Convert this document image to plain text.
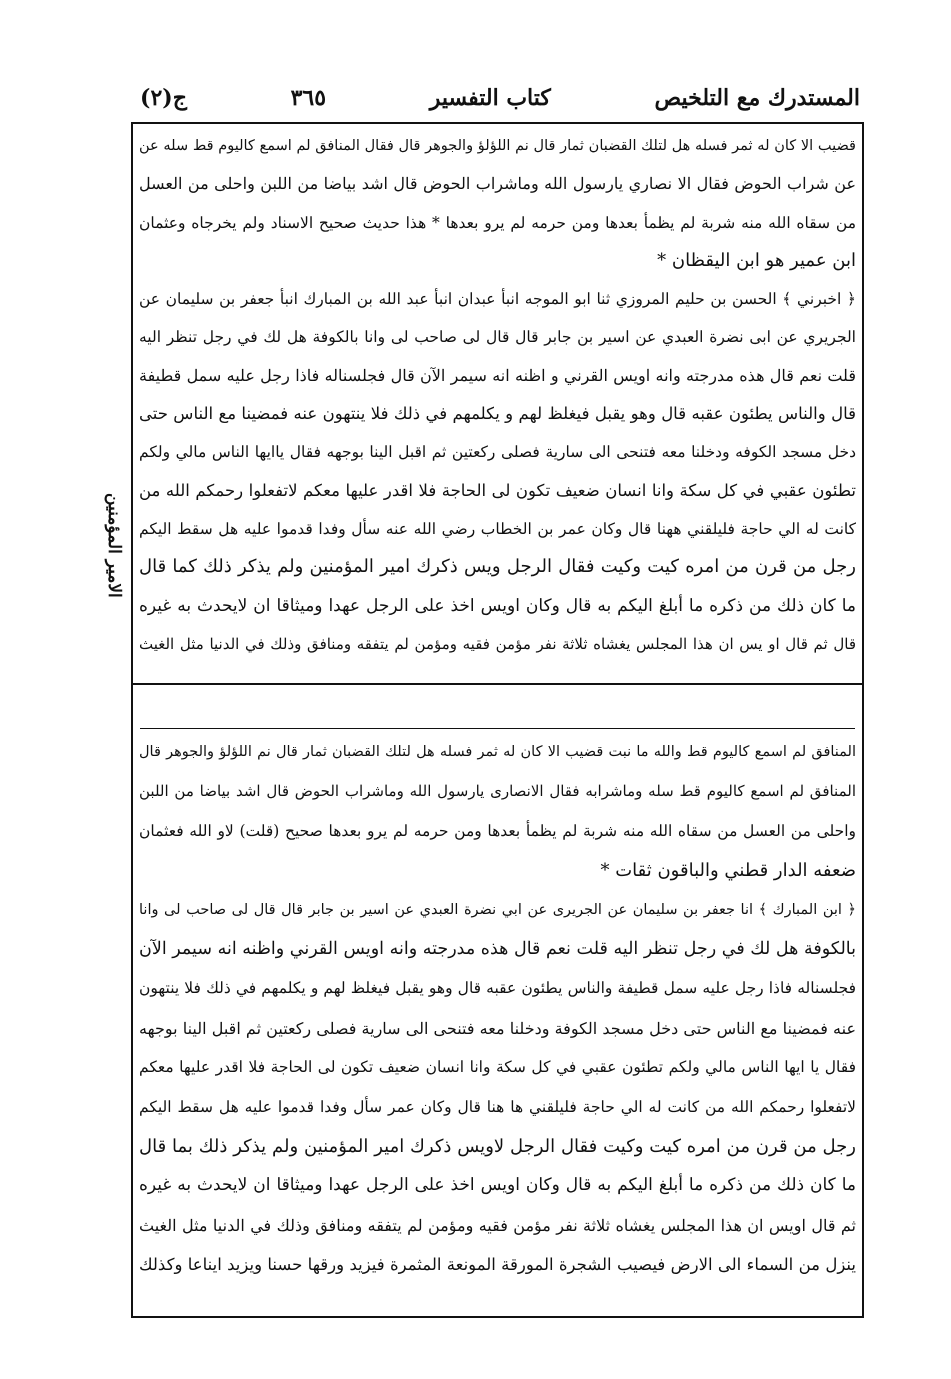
المستدرك مع التلخيص
كتاب التفسير
٣٦٥
ج(٢)
الامير المؤمنين
قضيب الا كان له ثمر فسله هل لتلك القضبان ثمار قال نم اللؤلؤ والجوهر قال فقال المنافق لم اسمع كاليوم قط سله عن
عن شراب الحوض فقال الا نصاري يارسول الله وماشراب الحوض قال اشد بياضا من اللبن واحلى من العسل
من سقاه الله منه شربة لم يظمأ بعدها ومن حرمه لم يرو بعدها * هذا حديث صحيح الاسناد ولم يخرجاه وعثمان
ابن عمير هو ابن اليقظان *
﴿ اخبرني ﴾ الحسن بن حليم المروزي ثنا ابو الموجه انبأ عبدان انبأ عبد الله بن المبارك انبأ جعفر بن سليمان عن
الجريري عن ابى نضرة العبدي عن اسير بن جابر قال قال لى صاحب لى وانا بالكوفة هل لك في رجل تنظر اليه
قلت نعم قال هذه مدرجته وانه اويس القرني و اظنه انه سيمر الآن قال فجلسناله فاذا رجل عليه سمل قطيفة
قال والناس يطئون عقبه قال وهو يقبل فيغلظ لهم و يكلمهم في ذلك فلا ينتهون عنه فمضينا مع الناس حتى
دخل مسجد الكوفه ودخلنا معه فتنحى الى سارية فصلى ركعتين ثم اقبل الينا بوجهه فقال ياايها الناس مالي ولكم
تطئون عقبي في كل سكة وانا انسان ضعيف تكون لى الحاجة فلا اقدر عليها معكم لاتفعلوا رحمكم الله من
كانت له الي حاجة فليلقني ههنا قال وكان عمر بن الخطاب رضي الله عنه سأل وفدا قدموا عليه هل سقط اليكم
رجل من قرن من امره كيت وكيت فقال الرجل ويس ذكرك امير المؤمنين ولم يذكر ذلك كما قال
ما كان ذلك من ذكره ما أبلغ اليكم به قال وكان اويس اخذ على الرجل عهدا وميثاقا ان لايحدث به غيره
قال ثم قال او يس ان هذا المجلس يغشاه ثلاثة نفر مؤمن فقيه ومؤمن لم يتفقه ومنافق وذلك في الدنيا مثل الغيث
المنافق لم اسمع كاليوم قط والله ما نبت قضيب الا كان له ثمر فسله هل لتلك القضبان ثمار قال نم اللؤلؤ والجوهر قال
المنافق لم اسمع كاليوم قط سله وماشرابه فقال الانصارى يارسول الله وماشراب الحوض قال اشد بياضا من اللبن
واحلى من العسل من سقاه الله منه شربة لم يظمأ بعدها ومن حرمه لم يرو بعدها صحيح (قلت) لاو الله فعثمان
ضعفه الدار قطني والباقون ثقات *
﴿ ابن المبارك ﴾ انا جعفر بن سليمان عن الجريرى عن ابي نضرة العبدي عن اسير بن جابر قال قال لى صاحب لى وانا
بالكوفة هل لك في رجل تنظر اليه قلت نعم قال هذه مدرجته وانه اويس القرني واظنه انه سيمر الآن
فجلسناله فاذا رجل عليه سمل قطيفة والناس يطئون عقبه قال وهو يقبل فيغلظ لهم و يكلمهم في ذلك فلا ينتهون
عنه فمضينا مع الناس حتى دخل مسجد الكوفة ودخلنا معه فتنحى الى سارية فصلى ركعتين ثم اقبل الينا بوجهه
فقال يا ايها الناس مالي ولكم تطئون عقبي في كل سكة وانا انسان ضعيف تكون لى الحاجة فلا اقدر عليها معكم
لاتفعلوا رحمكم الله من كانت له الي حاجة فليلقني ها هنا قال وكان عمر سأل وفدا قدموا عليه هل سقط اليكم
رجل من قرن من امره كيت وكيت فقال الرجل لاويس ذكرك امير المؤمنين ولم يذكر ذلك بما قال
ما كان ذلك من ذكره ما أبلغ اليكم به قال وكان اويس اخذ على الرجل عهدا وميثاقا ان لايحدث به غيره
ثم قال اويس ان هذا المجلس يغشاه ثلاثة نفر مؤمن فقيه ومؤمن لم يتفقه ومنافق وذلك في الدنيا مثل الغيث
ينزل من السماء الى الارض فيصيب الشجرة المورقة المونعة المثمرة فيزيد ورقها حسنا ويزيد ايناعا وكذلك
